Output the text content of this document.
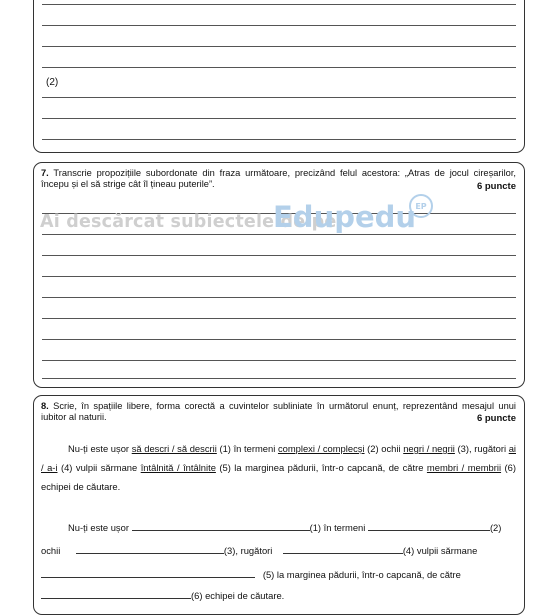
(2)
7. Transcrie propozițiile subordonate din fraza următoare, precizând felul acestora: „Atras de jocul cireșarilor, începu și el să strige cât îl țineau puterile”.	6 puncte
Ai descărcat subiectele de pe
Edupedu EP
8. Scrie, în spațiile libere, forma corectă a cuvintelor subliniate în următorul enunț, reprezentând mesajul unui iubitor al naturii.	6 puncte
Nu-ți este ușor să descri / să descrii (1) în termeni complexi / complecși (2) ochii negri / negrii (3), rugători ai / a-i (4) vulpii sărmane întâlnită / întâlnite (5) la marginea pădurii, într-o capcană, de către membri / membrii (6) echipei de căutare.
Nu-ți este ușor	(1) în termeni	(2)
ochii	(3), rugători	(4) vulpii sărmane
(5) la marginea pădurii, într-o capcană, de către
(6) echipei de căutare.
